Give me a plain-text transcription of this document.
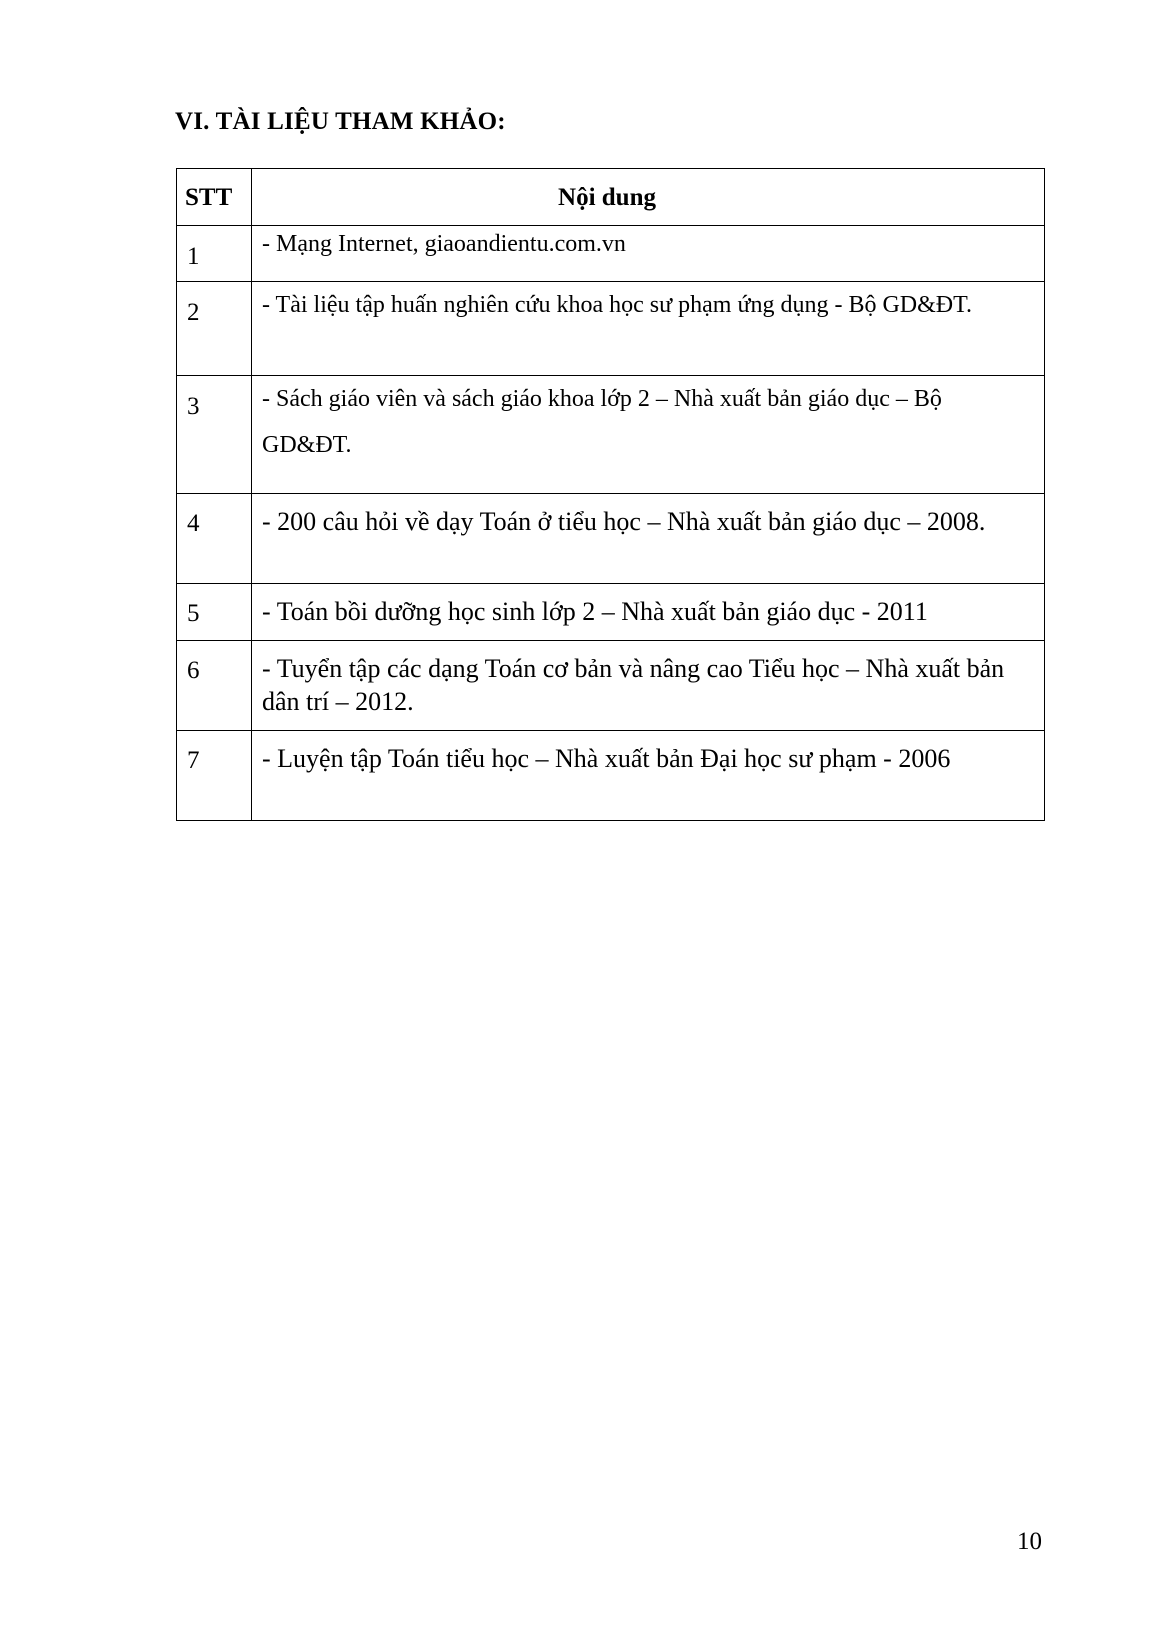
VI. TÀI LIỆU THAM KHẢO:
STT	Nội dung
1	- Mạng Internet, giaoandientu.com.vn
2	- Tài liệu tập huấn nghiên cứu khoa học sư phạm ứng dụng - Bộ GD&ĐT.
3	- Sách giáo viên và sách giáo khoa lớp 2 – Nhà xuất bản giáo dục – Bộ GD&ĐT.
4	- 200 câu hỏi về dạy Toán ở tiểu học – Nhà xuất bản giáo dục – 2008.
5	- Toán bồi dưỡng học sinh lớp 2 – Nhà xuất bản giáo dục - 2011
6	- Tuyển tập các dạng Toán cơ bản và nâng cao Tiểu học – Nhà xuất bản dân trí – 2012.
7	- Luyện tập Toán tiểu học – Nhà xuất bản Đại học sư phạm - 2006
10
